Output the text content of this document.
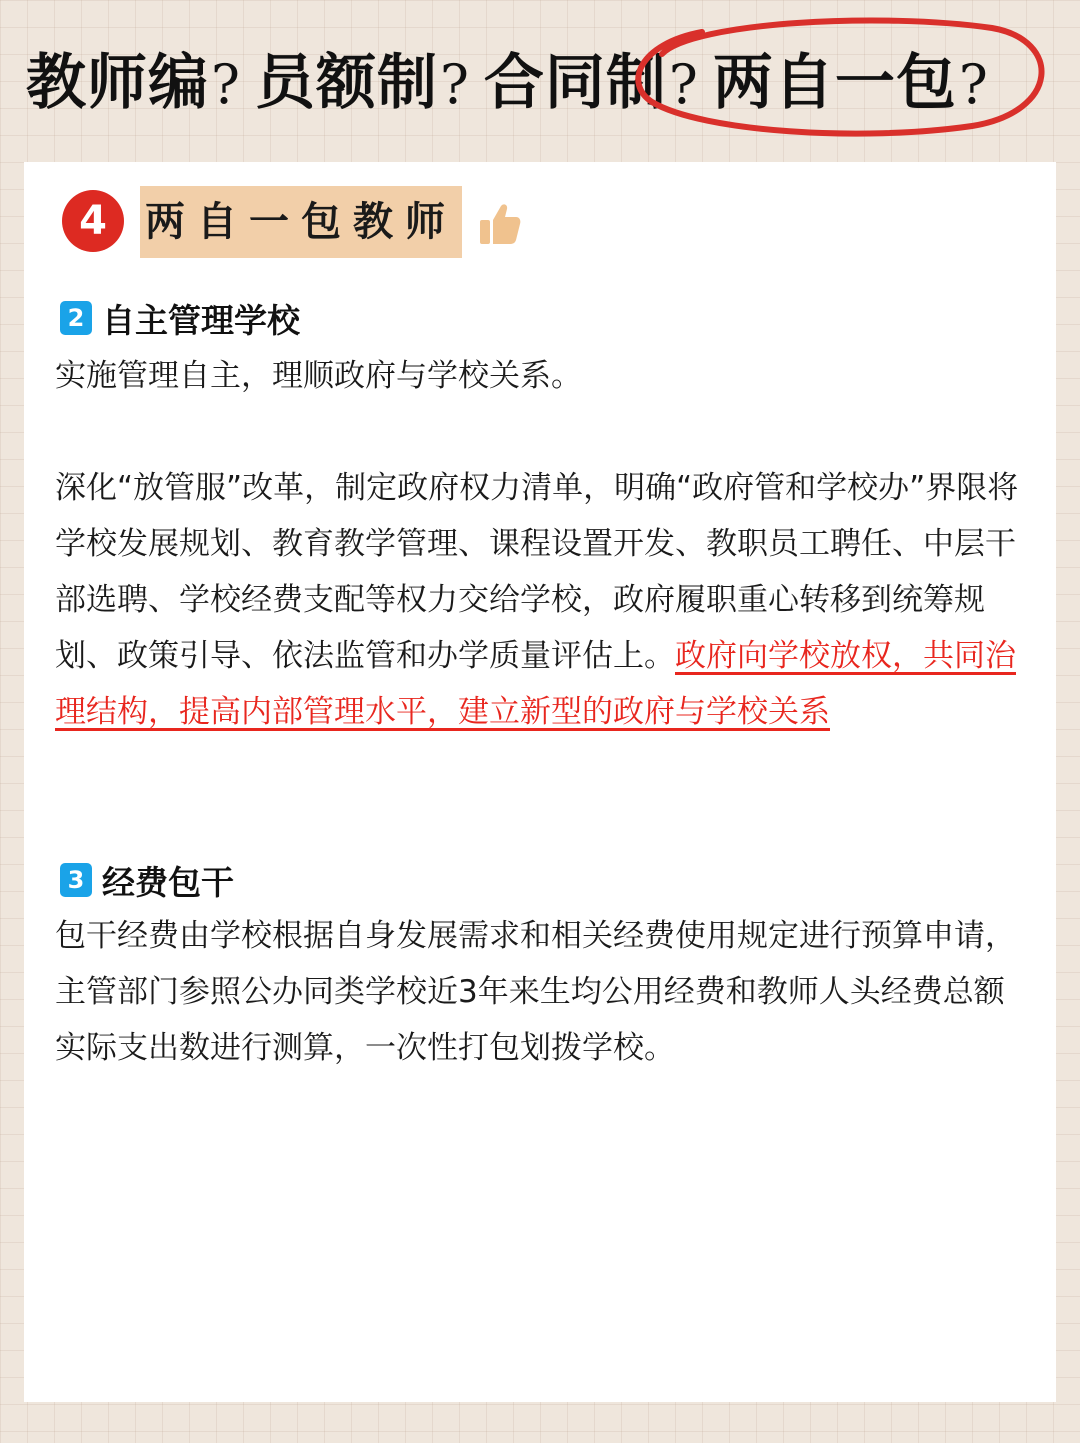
教师编? 员额制? 合同制? 两自一包?
4 两自一包教师
2 自主管理学校

实施管理自主，理顺政府与学校关系。

深化“放管服”改革，制定政府权力清单，明确“政府管和学校办”界限将学校发展规划、教育教学管理、课程设置开发、教职员工聘任、中层干部选聘、学校经费支配等权力交给学校，政府履职重心转移到统筹规划、政策引导、依法监管和办学质量评估上。政府向学校放权，共同治理结构，提高内部管理水平，建立新型的政府与学校关系

3 经费包干

包干经费由学校根据自身发展需求和相关经费使用规定进行预算申请，主管部门参照公办同类学校近3年来生均公用经费和教师人头经费总额实际支出数进行测算，一次性打包划拨学校。
